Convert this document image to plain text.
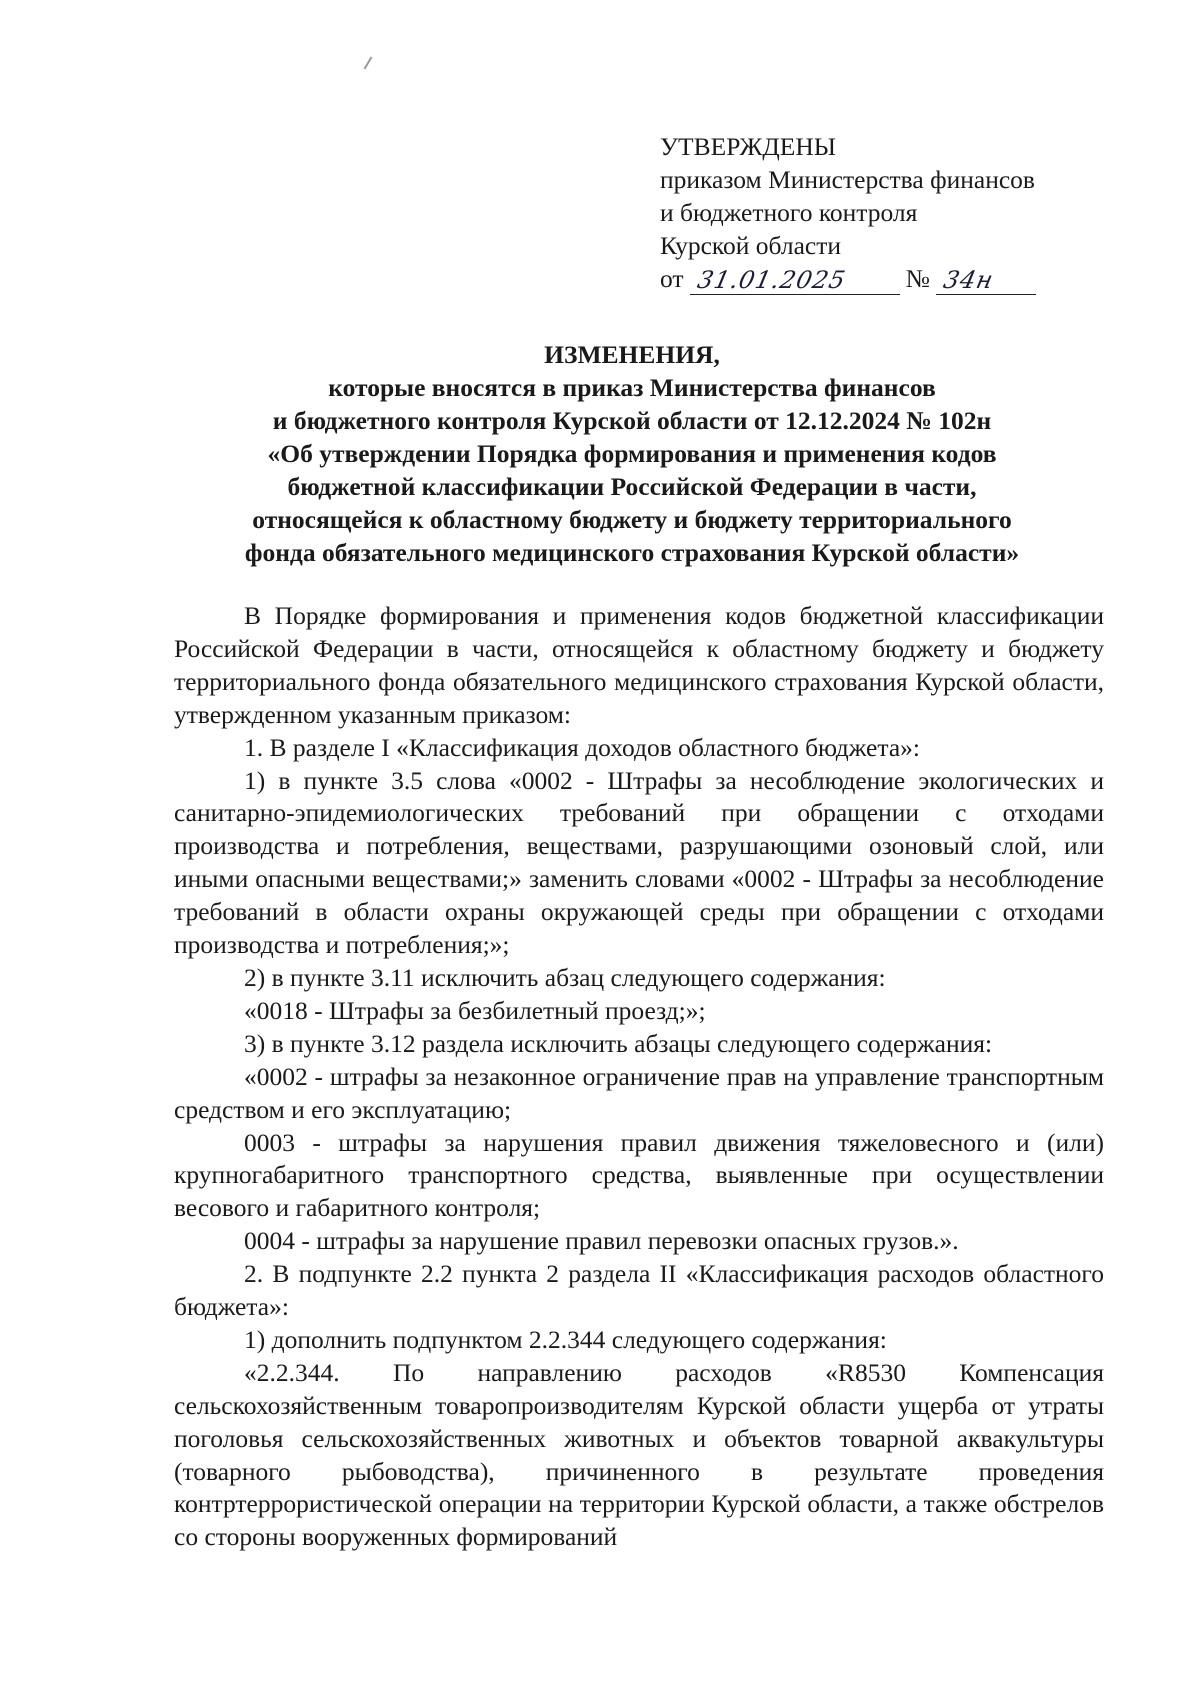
УТВЕРЖДЕНЫ
приказом Министерства финансов
и бюджетного контроля
Курской области
от 31.01.2025 № 34н
ИЗМЕНЕНИЯ,
которые вносятся в приказ Министерства финансов
и бюджетного контроля Курской области от 12.12.2024 № 102н
«Об утверждении Порядка формирования и применения кодов
бюджетной классификации Российской Федерации в части,
относящейся к областному бюджету и бюджету территориального
фонда обязательного медицинского страхования Курской области»

В Порядке формирования и применения кодов бюджетной классификации Российской Федерации в части, относящейся к областному бюджету и бюджету территориального фонда обязательного медицинского страхования Курской области, утвержденном указанным приказом:

1. В разделе I «Классификация доходов областного бюджета»:

1) в пункте 3.5 слова «0002 - Штрафы за несоблюдение экологических и санитарно-эпидемиологических требований при обращении с отходами производства и потребления, веществами, разрушающими озоновый слой, или иными опасными веществами;» заменить словами «0002 - Штрафы за несоблюдение требований в области охраны окружающей среды при обращении с отходами производства и потребления;»;

2) в пункте 3.11 исключить абзац следующего содержания:

«0018 - Штрафы за безбилетный проезд;»;

3) в пункте 3.12 раздела исключить абзацы следующего содержания:

«0002 - штрафы за незаконное ограничение прав на управление транспортным средством и его эксплуатацию;

0003 - штрафы за нарушения правил движения тяжеловесного и (или) крупногабаритного транспортного средства, выявленные при осуществлении весового и габаритного контроля;

0004 - штрафы за нарушение правил перевозки опасных грузов.».

2. В подпункте 2.2 пункта 2 раздела II «Классификация расходов областного бюджета»:

1) дополнить подпунктом 2.2.344 следующего содержания:

«2.2.344. По направлению расходов «R8530 Компенсация сельскохозяйственным товаропроизводителям Курской области ущерба от утраты поголовья сельскохозяйственных животных и объектов товарной аквакультуры (товарного рыбоводства), причиненного в результате проведения контртеррористической операции на территории Курской области, а также обстрелов со стороны вооруженных формирований
